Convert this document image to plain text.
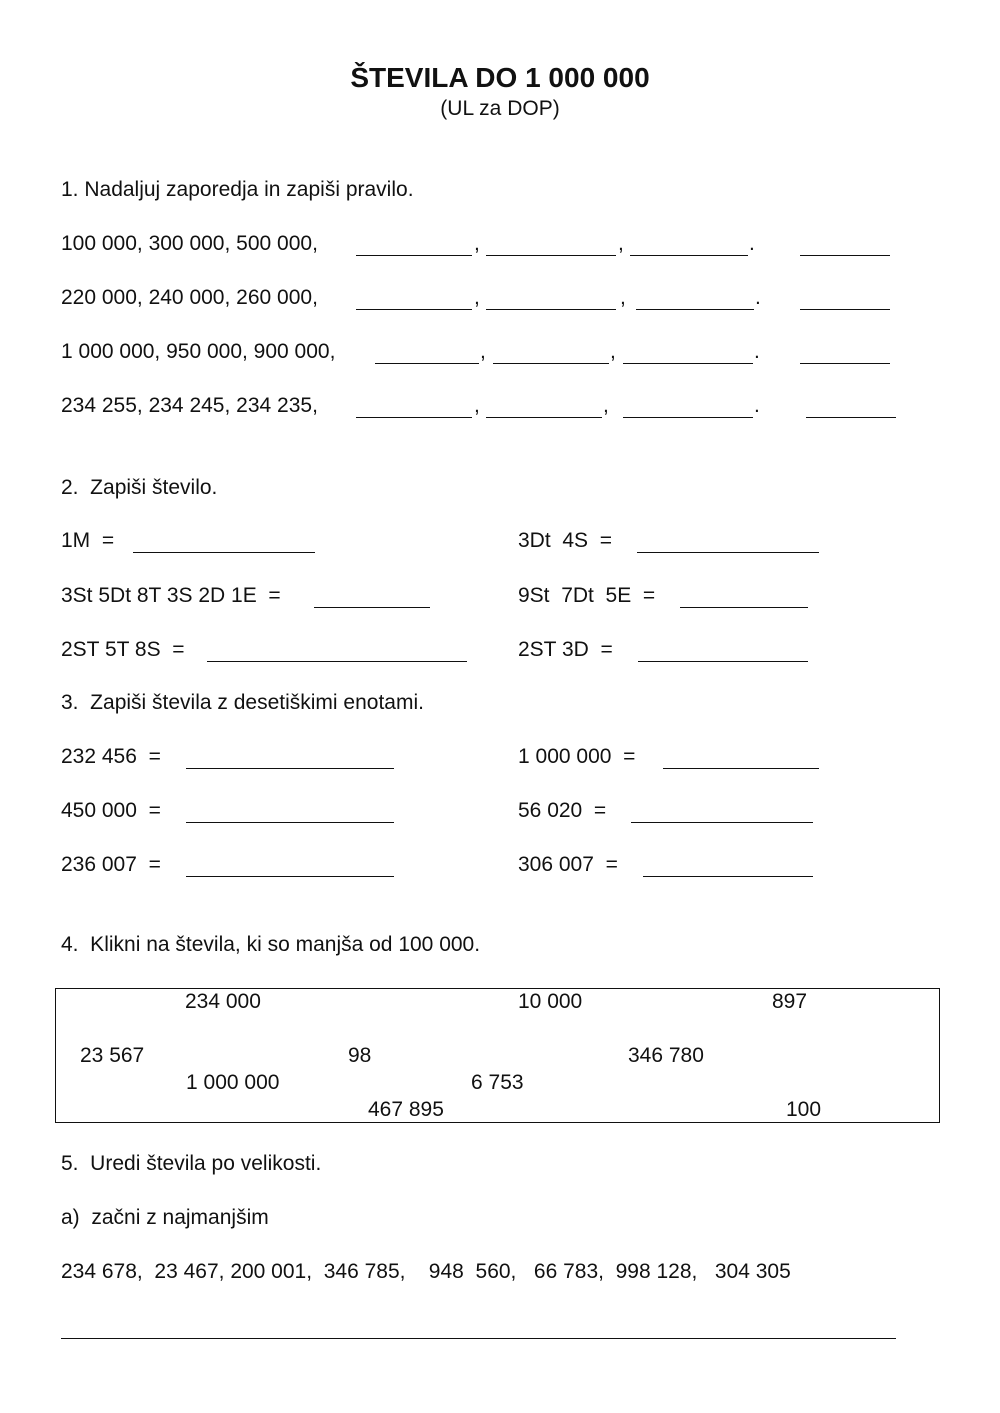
ŠTEVILA DO 1 000 000
(UL za DOP)
1. Nadaljuj zaporedja in zapiši pravilo.
100 000, 300 000, 500 000,	,	,	.
220 000, 240 000, 260 000,	,	,	.
1 000 000, 950 000, 900 000,	,	,	.
234 255, 234 245, 234 235,	,	,	.
2.  Zapiši število.
1M  =	3Dt  4S  =
3St 5Dt 8T 3S 2D 1E  =	9St  7Dt  5E  =
2ST 5T 8S  =	2ST 3D  =
3.  Zapiši števila z desetiškimi enotami.
232 456  =	1 000 000  =
450 000  =	56 020  =
236 007  =	306 007  =
4.  Klikni na števila, ki so manjša od 100 000.
234 000	10 000	897
23 567	98	346 780
1 000 000	6 753
467 895	100
5.  Uredi števila po velikosti.
a)  začni z najmanjšim
234 678,  23 467, 200 001,  346 785,    948  560,   66 783,  998 128,   304 305
